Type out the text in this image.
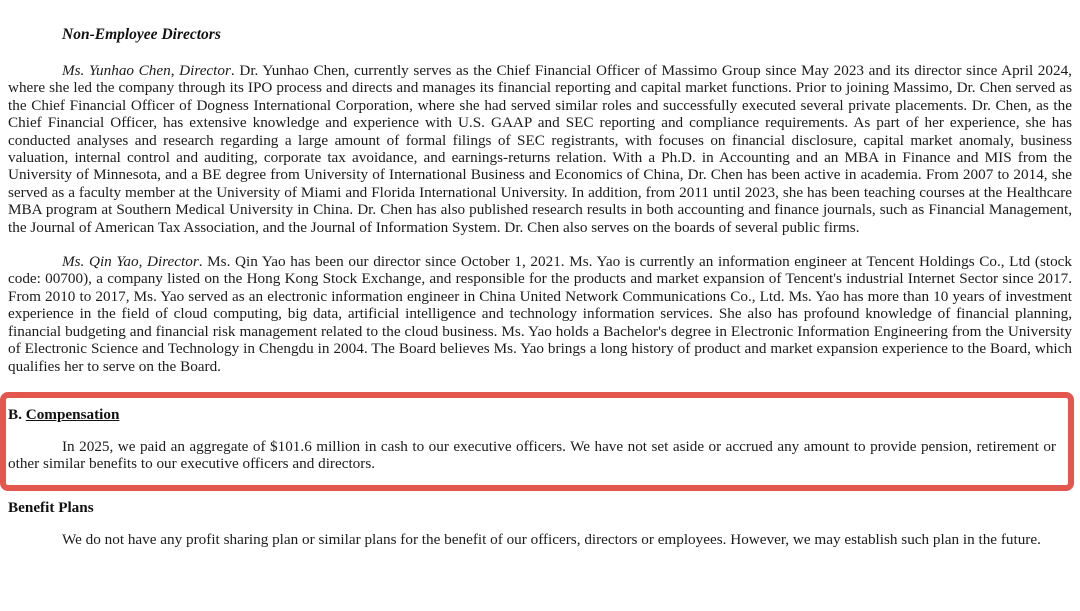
Non-Employee Directors

Ms. Yunhao Chen, Director. Dr. Yunhao Chen, currently serves as the Chief Financial Officer of Massimo Group since May 2023 and its director since April 2024, where she led the company through its IPO process and directs and manages its financial reporting and capital market functions. Prior to joining Massimo, Dr. Chen served as the Chief Financial Officer of Dogness International Corporation, where she had served similar roles and successfully executed several private placements. Dr. Chen, as the Chief Financial Officer, has extensive knowledge and experience with U.S. GAAP and SEC reporting and compliance requirements. As part of her experience, she has conducted analyses and research regarding a large amount of formal filings of SEC registrants, with focuses on financial disclosure, capital market anomaly, business valuation, internal control and auditing, corporate tax avoidance, and earnings-returns relation. With a Ph.D. in Accounting and an MBA in Finance and MIS from the University of Minnesota, and a BE degree from University of International Business and Economics of China, Dr. Chen has been active in academia. From 2007 to 2014, she served as a faculty member at the University of Miami and Florida International University. In addition, from 2011 until 2023, she has been teaching courses at the Healthcare MBA program at Southern Medical University in China. Dr. Chen has also published research results in both accounting and finance journals, such as Financial Management, the Journal of American Tax Association, and the Journal of Information System. Dr. Chen also serves on the boards of several public firms.

Ms. Qin Yao, Director. Ms. Qin Yao has been our director since October 1, 2021. Ms. Yao is currently an information engineer at Tencent Holdings Co., Ltd (stock code: 00700), a company listed on the Hong Kong Stock Exchange, and responsible for the products and market expansion of Tencent's industrial Internet Sector since 2017. From 2010 to 2017, Ms. Yao served as an electronic information engineer in China United Network Communications Co., Ltd. Ms. Yao has more than 10 years of investment experience in the field of cloud computing, big data, artificial intelligence and technology information services. She also has profound knowledge of financial planning, financial budgeting and financial risk management related to the cloud business. Ms. Yao holds a Bachelor's degree in Electronic Information Engineering from the University of Electronic Science and Technology in Chengdu in 2004. The Board believes Ms. Yao brings a long history of product and market expansion experience to the Board, which qualifies her to serve on the Board.

B. Compensation

In 2025, we paid an aggregate of $101.6 million in cash to our executive officers. We have not set aside or accrued any amount to provide pension, retirement or other similar benefits to our executive officers and directors.

Benefit Plans

We do not have any profit sharing plan or similar plans for the benefit of our officers, directors or employees. However, we may establish such plan in the future.
